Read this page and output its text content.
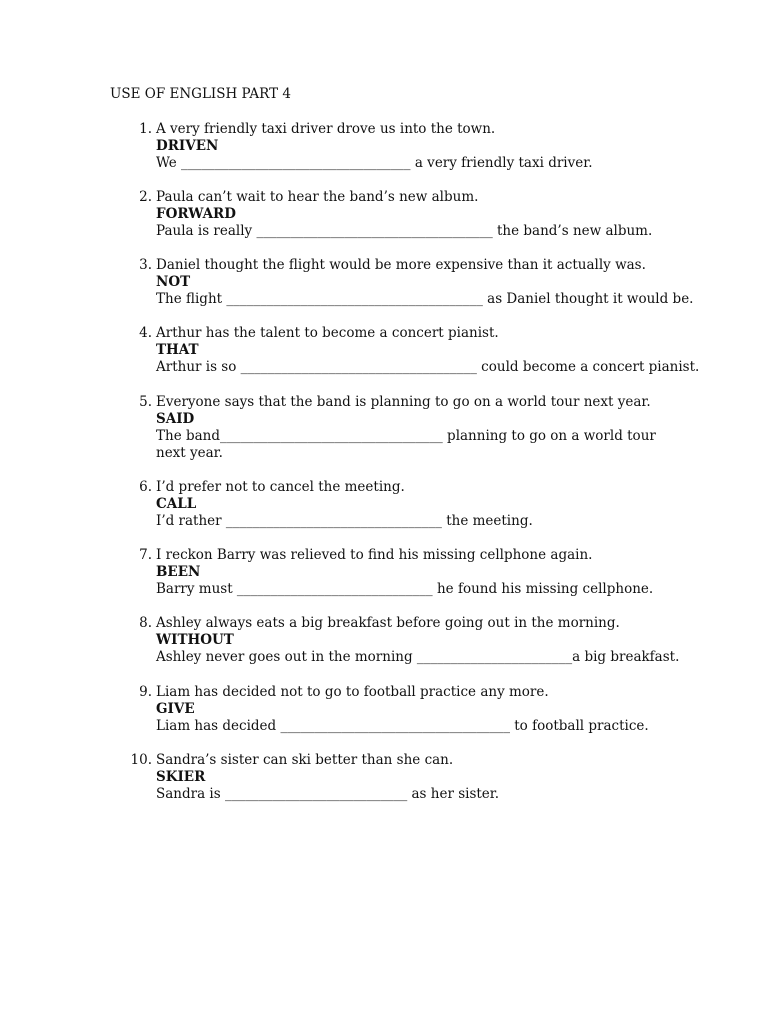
USE OF ENGLISH PART 4
1. A very friendly taxi driver drove us into the town.
DRIVEN
We __________________________________ a very friendly taxi driver.
2. Paula can’t wait to hear the band’s new album.
FORWARD
Paula is really ___________________________________ the band’s new album.
3. Daniel thought the flight would be more expensive than it actually was.
NOT
The flight ______________________________________ as Daniel thought it would be.
4. Arthur has the talent to become a concert pianist.
THAT
Arthur is so ___________________________________ could become a concert pianist.
5. Everyone says that the band is planning to go on a world tour next year.
SAID
The band_________________________________ planning to go on a world tour next year.
6. I’d prefer not to cancel the meeting.
CALL
I’d rather ________________________________ the meeting.
7. I reckon Barry was relieved to find his missing cellphone again.
BEEN
Barry must _____________________________ he found his missing cellphone.
8. Ashley always eats a big breakfast before going out in the morning.
WITHOUT
Ashley never goes out in the morning _______________________a big breakfast.
9. Liam has decided not to go to football practice any more.
GIVE
Liam has decided __________________________________ to football practice.
10. Sandra’s sister can ski better than she can.
SKIER
Sandra is ___________________________ as her sister.
